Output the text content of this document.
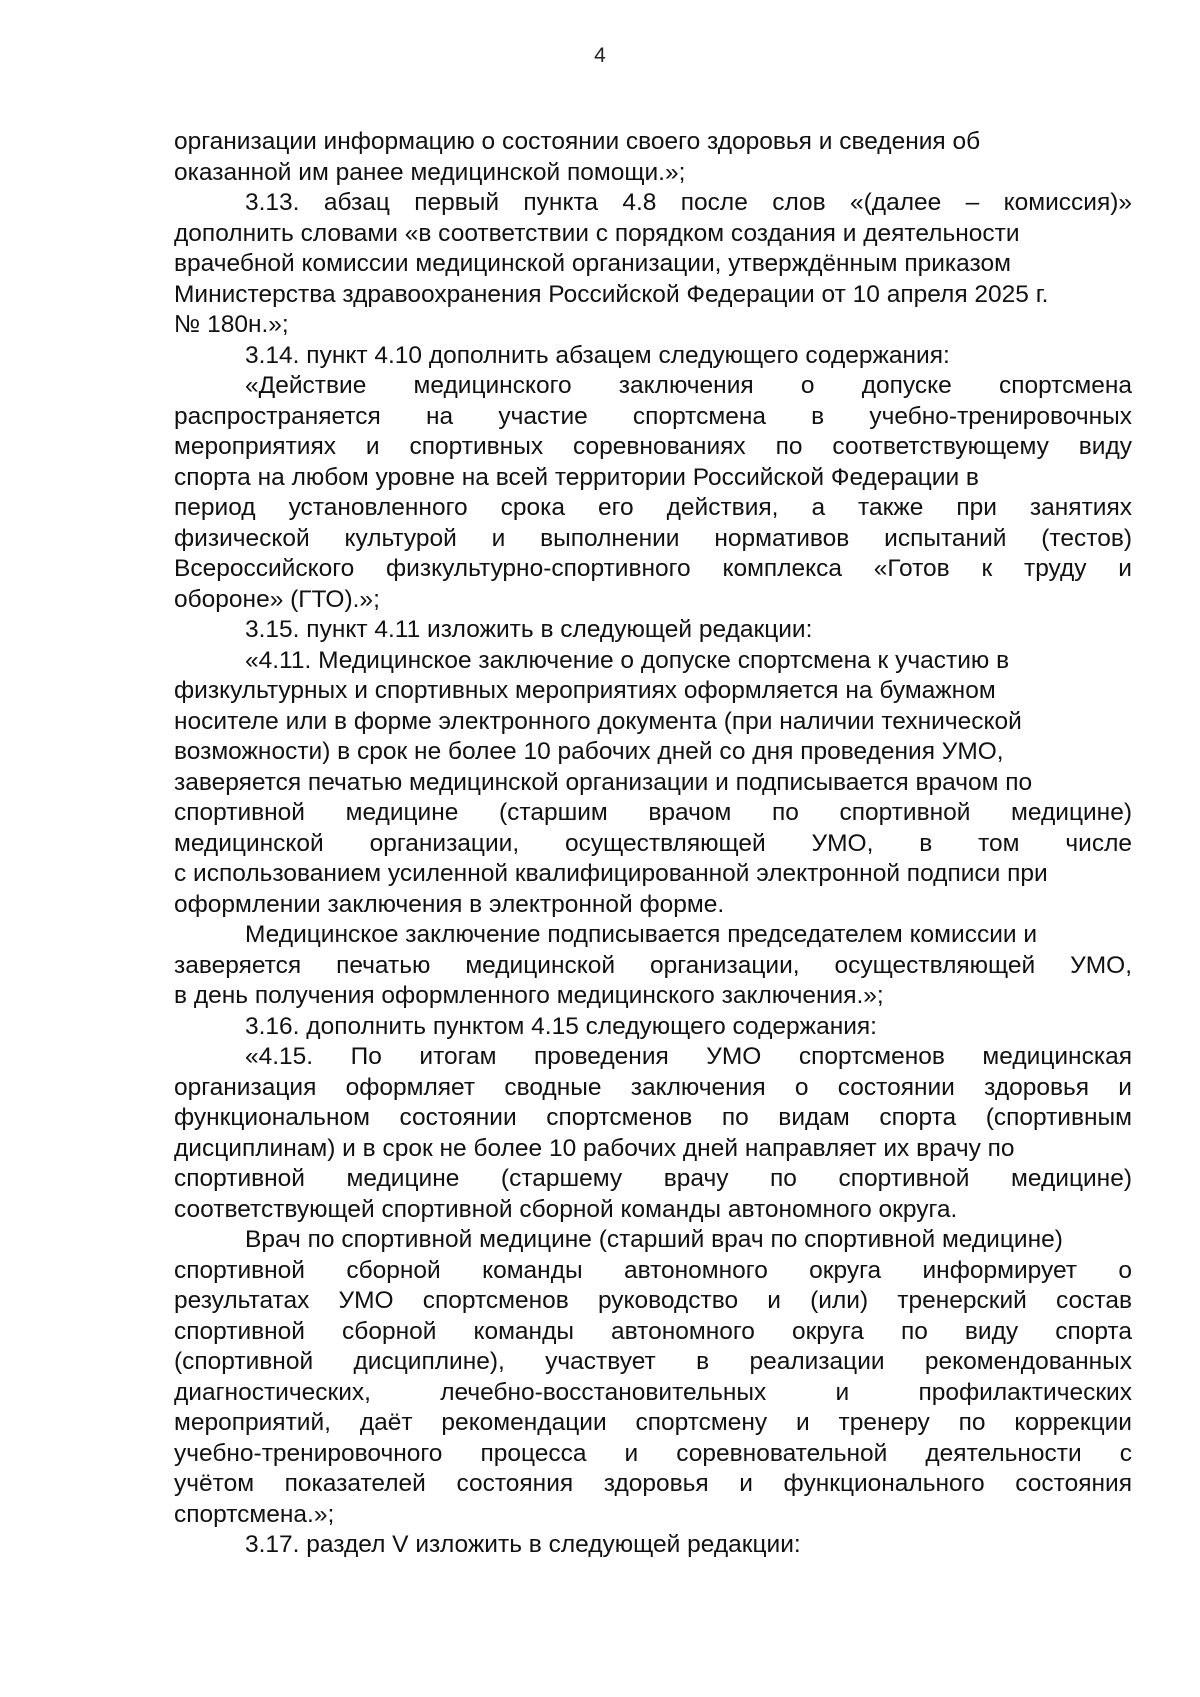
4
организации информацию о состоянии своего здоровья и сведения об
оказанной им ранее медицинской помощи.»;
3.13. абзац первый пункта 4.8 после слов «(далее – комиссия)»
дополнить словами «в соответствии с порядком создания и деятельности
врачебной комиссии медицинской организации, утверждённым приказом
Министерства здравоохранения Российской Федерации от 10 апреля 2025 г.
№ 180н.»;
3.14. пункт 4.10 дополнить абзацем следующего содержания:
«Действие медицинского заключения о допуске спортсмена
распространяется на участие спортсмена в учебно-тренировочных
мероприятиях и спортивных соревнованиях по соответствующему виду
спорта на любом уровне на всей территории Российской Федерации в
период установленного срока его действия, а также при занятиях
физической культурой и выполнении нормативов испытаний (тестов)
Всероссийского физкультурно-спортивного комплекса «Готов к труду и
обороне» (ГТО).»;
3.15. пункт 4.11 изложить в следующей редакции:
«4.11. Медицинское заключение о допуске спортсмена к участию в
физкультурных и спортивных мероприятиях оформляется на бумажном
носителе или в форме электронного документа (при наличии технической
возможности) в срок не более 10 рабочих дней со дня проведения УМО,
заверяется печатью медицинской организации и подписывается врачом по
спортивной медицине (старшим врачом по спортивной медицине)
медицинской организации, осуществляющей УМО, в том числе
с использованием усиленной квалифицированной электронной подписи при
оформлении заключения в электронной форме.
Медицинское заключение подписывается председателем комиссии и
заверяется печатью медицинской организации, осуществляющей УМО,
в день получения оформленного медицинского заключения.»;
3.16. дополнить пунктом 4.15 следующего содержания:
«4.15. По итогам проведения УМО спортсменов медицинская
организация оформляет сводные заключения о состоянии здоровья и
функциональном состоянии спортсменов по видам спорта (спортивным
дисциплинам) и в срок не более 10 рабочих дней направляет их врачу по
спортивной медицине (старшему врачу по спортивной медицине)
соответствующей спортивной сборной команды автономного округа.
Врач по спортивной медицине (старший врач по спортивной медицине)
спортивной сборной команды автономного округа информирует о
результатах УМО спортсменов руководство и (или) тренерский состав
спортивной сборной команды автономного округа по виду спорта
(спортивной дисциплине), участвует в реализации рекомендованных
диагностических, лечебно-восстановительных и профилактических
мероприятий, даёт рекомендации спортсмену и тренеру по коррекции
учебно-тренировочного процесса и соревновательной деятельности с
учётом показателей состояния здоровья и функционального состояния
спортсмена.»;
3.17. раздел V изложить в следующей редакции:
